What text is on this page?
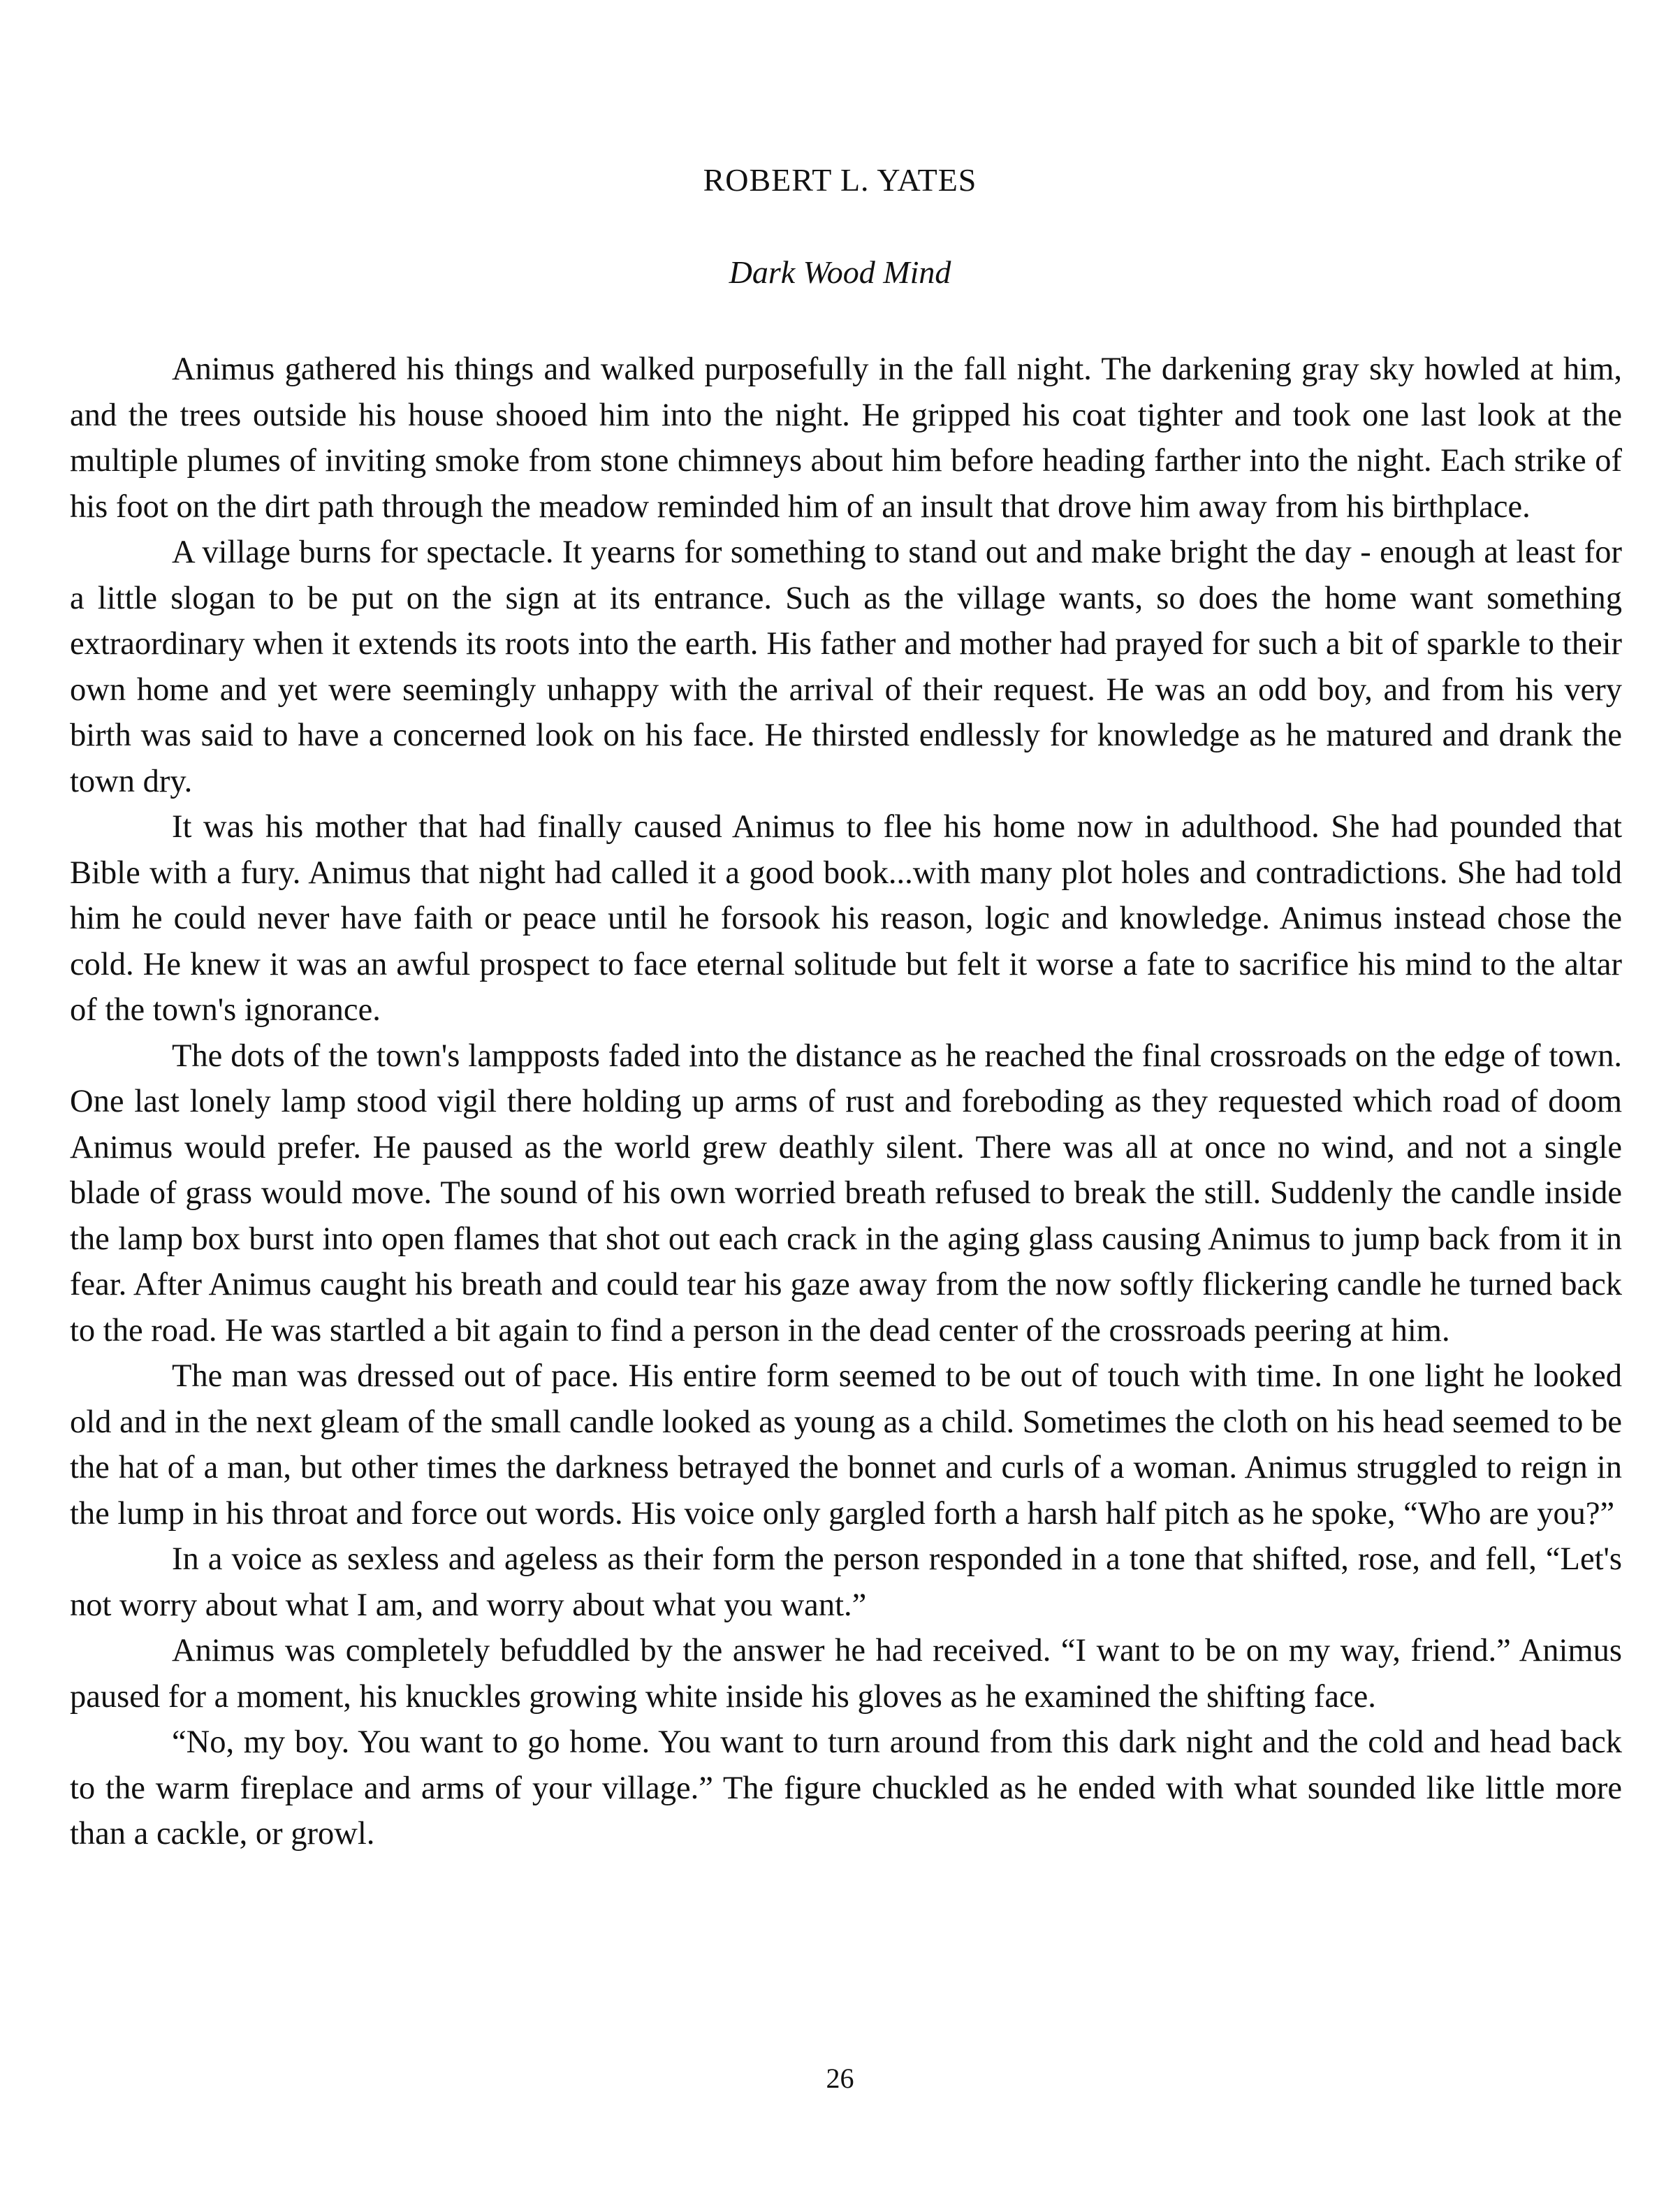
ROBERT L. YATES
Dark Wood Mind

Animus gathered his things and walked purposefully in the fall night. The darkening gray sky howled at him, and the trees outside his house shooed him into the night. He gripped his coat tighter and took one last look at the multiple plumes of inviting smoke from stone chimneys about him before heading farther into the night. Each strike of his foot on the dirt path through the meadow reminded him of an insult that drove him away from his birthplace.

A village burns for spectacle. It yearns for something to stand out and make bright the day - enough at least for a little slogan to be put on the sign at its entrance. Such as the village wants, so does the home want something extraordinary when it extends its roots into the earth. His father and mother had prayed for such a bit of sparkle to their own home and yet were seemingly unhappy with the arrival of their request. He was an odd boy, and from his very birth was said to have a concerned look on his face. He thirsted endlessly for knowledge as he matured and drank the town dry.

It was his mother that had finally caused Animus to flee his home now in adulthood. She had pounded that Bible with a fury. Animus that night had called it a good book...with many plot holes and contradictions. She had told him he could never have faith or peace until he forsook his reason, logic and knowledge. Animus instead chose the cold. He knew it was an awful prospect to face eternal solitude but felt it worse a fate to sacrifice his mind to the altar of the town's ignorance.

The dots of the town's lampposts faded into the distance as he reached the final crossroads on the edge of town. One last lonely lamp stood vigil there holding up arms of rust and foreboding as they requested which road of doom Animus would prefer. He paused as the world grew deathly silent. There was all at once no wind, and not a single blade of grass would move. The sound of his own worried breath refused to break the still. Suddenly the candle inside the lamp box burst into open flames that shot out each crack in the aging glass causing Animus to jump back from it in fear. After Animus caught his breath and could tear his gaze away from the now softly flickering candle he turned back to the road. He was startled a bit again to find a person in the dead center of the crossroads peering at him.

The man was dressed out of pace. His entire form seemed to be out of touch with time. In one light he looked old and in the next gleam of the small candle looked as young as a child. Sometimes the cloth on his head seemed to be the hat of a man, but other times the darkness betrayed the bonnet and curls of a woman. Animus struggled to reign in the lump in his throat and force out words. His voice only gargled forth a harsh half pitch as he spoke, “Who are you?”

In a voice as sexless and ageless as their form the person responded in a tone that shifted, rose, and fell, “Let's not worry about what I am, and worry about what you want.”

Animus was completely befuddled by the answer he had received. “I want to be on my way, friend.” Animus paused for a moment, his knuckles growing white inside his gloves as he examined the shifting face.

“No, my boy. You want to go home. You want to turn around from this dark night and the cold and head back to the warm fireplace and arms of your village.” The figure chuckled as he ended with what sounded like little more than a cackle, or growl.

26
